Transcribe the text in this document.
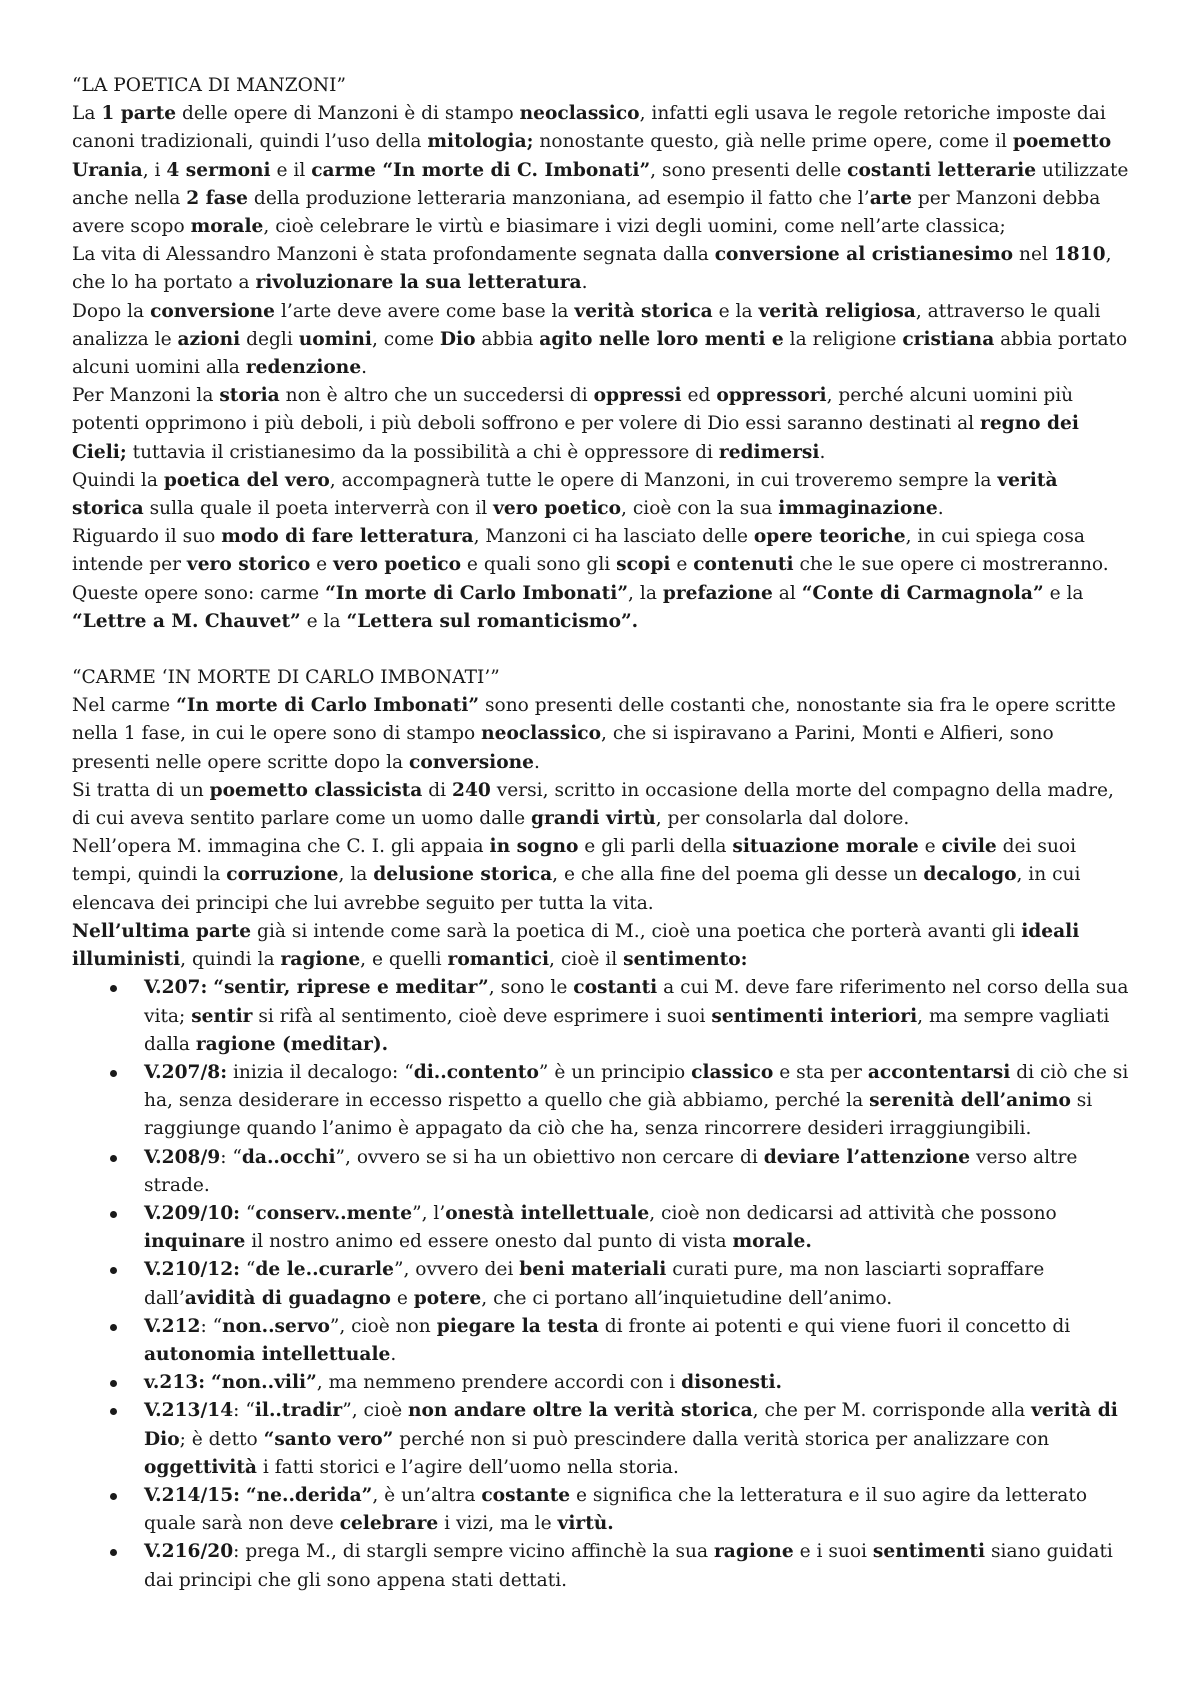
“LA POETICA DI MANZONI”

La 1 parte delle opere di Manzoni è di stampo neoclassico, infatti egli usava le regole retoriche imposte dai canoni tradizionali, quindi l’uso della mitologia; nonostante questo, già nelle prime opere, come il poemetto Urania, i 4 sermoni e il carme “In morte di C. Imbonati”, sono presenti delle costanti letterarie utilizzate anche nella 2 fase della produzione letteraria manzoniana, ad esempio il fatto che l’arte per Manzoni debba avere scopo morale, cioè celebrare le virtù e biasimare i vizi degli uomini, come nell’arte classica;

La vita di Alessandro Manzoni è stata profondamente segnata dalla conversione al cristianesimo nel 1810, che lo ha portato a rivoluzionare la sua letteratura.

Dopo la conversione l’arte deve avere come base la verità storica e la verità religiosa, attraverso le quali analizza le azioni degli uomini, come Dio abbia agito nelle loro menti e la religione cristiana abbia portato alcuni uomini alla redenzione.

Per Manzoni la storia non è altro che un succedersi di oppressi ed oppressori, perché alcuni uomini più potenti opprimono i più deboli, i più deboli soffrono e per volere di Dio essi saranno destinati al regno dei Cieli; tuttavia il cristianesimo da la possibilità a chi è oppressore di redimersi.

Quindi la poetica del vero, accompagnerà tutte le opere di Manzoni, in cui troveremo sempre la verità storica sulla quale il poeta interverrà con il vero poetico, cioè con la sua immaginazione.

Riguardo il suo modo di fare letteratura, Manzoni ci ha lasciato delle opere teoriche, in cui spiega cosa intende per vero storico e vero poetico e quali sono gli scopi e contenuti che le sue opere ci mostreranno.

Queste opere sono: carme “In morte di Carlo Imbonati”, la prefazione al “Conte di Carmagnola” e la “Lettre a M. Chauvet” e la “Lettera sul romanticismo”.

“CARME ‘IN MORTE DI CARLO IMBONATI’”

Nel carme “In morte di Carlo Imbonati” sono presenti delle costanti che, nonostante sia fra le opere scritte nella 1 fase, in cui le opere sono di stampo neoclassico, che si ispiravano a Parini, Monti e Alfieri, sono presenti nelle opere scritte dopo la conversione.

Si tratta di un poemetto classicista di 240 versi, scritto in occasione della morte del compagno della madre, di cui aveva sentito parlare come un uomo dalle grandi virtù, per consolarla dal dolore.

Nell’opera M. immagina che C. I. gli appaia in sogno e gli parli della situazione morale e civile dei suoi tempi, quindi la corruzione, la delusione storica, e che alla fine del poema gli desse un decalogo, in cui elencava dei principi che lui avrebbe seguito per tutta la vita.

Nell’ultima parte già si intende come sarà la poetica di M., cioè una poetica che porterà avanti gli ideali illuministi, quindi la ragione, e quelli romantici, cioè il sentimento:

V.207: “sentir, riprese e meditar”, sono le costanti a cui M. deve fare riferimento nel corso della sua vita; sentir si rifà al sentimento, cioè deve esprimere i suoi sentimenti interiori, ma sempre vagliati dalla ragione (meditar).
V.207/8: inizia il decalogo: “di..contento” è un principio classico e sta per accontentarsi di ciò che si ha, senza desiderare in eccesso rispetto a quello che già abbiamo, perché la serenità dell’animo si raggiunge quando l’animo è appagato da ciò che ha, senza rincorrere desideri irraggiungibili.
V.208/9: “da..occhi”, ovvero se si ha un obiettivo non cercare di deviare l’attenzione verso altre strade.
V.209/10: “conserv..mente”, l’onestà intellettuale, cioè non dedicarsi ad attività che possono inquinare il nostro animo ed essere onesto dal punto di vista morale.
V.210/12: “de le..curarle”, ovvero dei beni materiali curati pure, ma non lasciarti sopraffare dall’avidità di guadagno e potere, che ci portano all’inquietudine dell’animo.
V.212: “non..servo”, cioè non piegare la testa di fronte ai potenti e qui viene fuori il concetto di autonomia intellettuale.
v.213: “non..vili”, ma nemmeno prendere accordi con i disonesti.
V.213/14: “il..tradir”, cioè non andare oltre la verità storica, che per M. corrisponde alla verità di Dio; è detto “santo vero” perché non si può prescindere dalla verità storica per analizzare con oggettività i fatti storici e l’agire dell’uomo nella storia.
V.214/15: “ne..derida”, è un’altra costante e significa che la letteratura e il suo agire da letterato quale sarà non deve celebrare i vizi, ma le virtù.
V.216/20: prega M., di stargli sempre vicino affinchè la sua ragione e i suoi sentimenti siano guidati dai principi che gli sono appena stati dettati.
